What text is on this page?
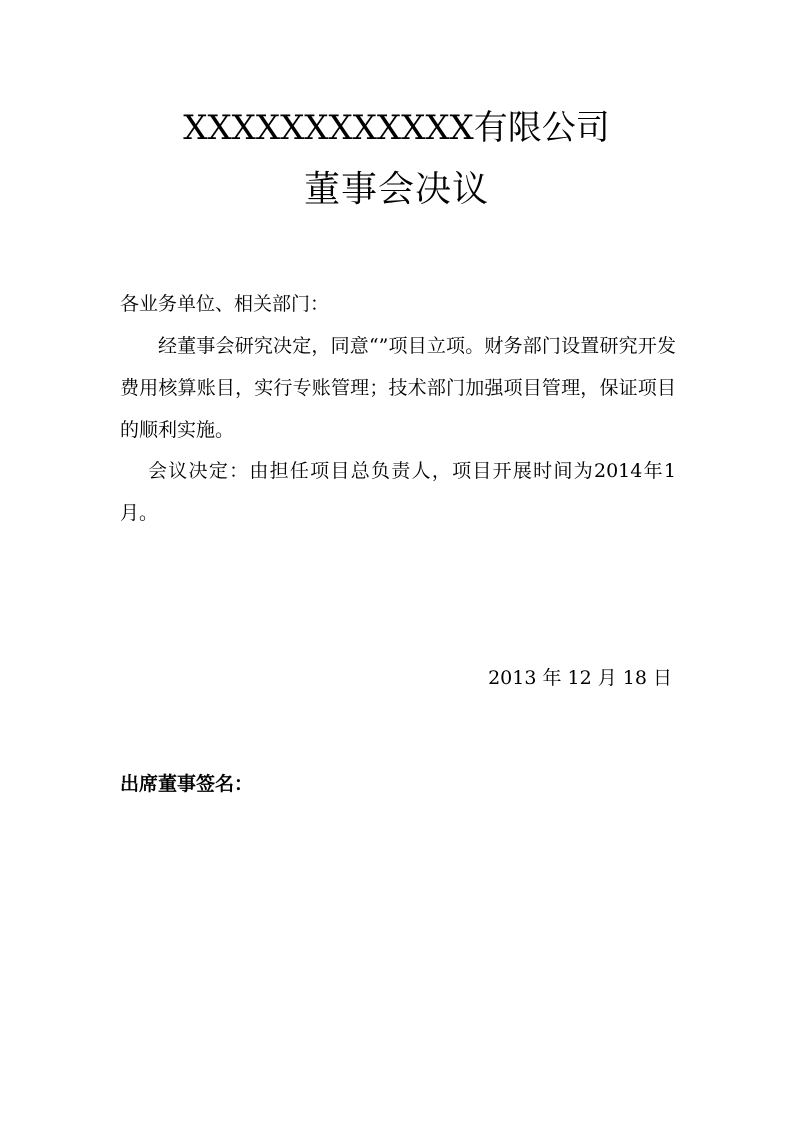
XXXXXXXXXXXX有限公司
董事会决议
各业务单位、相关部门：
经董事会研究决定，同意“”项目立项。财务部门设置研究开发费用核算账目，实行专账管理；技术部门加强项目管理，保证项目的顺利实施。
会议决定：由担任项目总负责人，项目开展时间为2014年1月。
2013 年 12 月 18 日
出席董事签名：
